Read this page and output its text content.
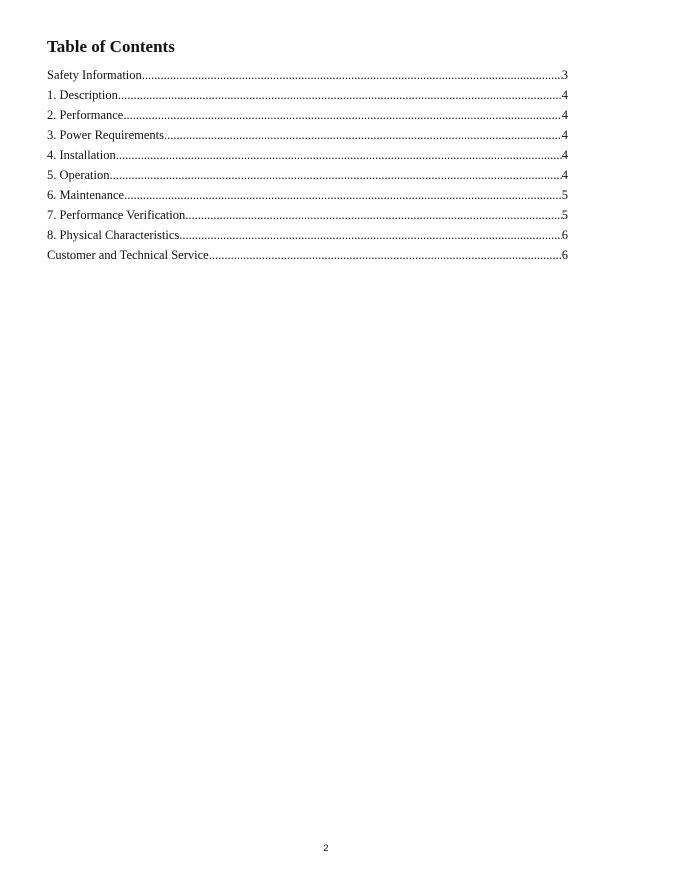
Table of Contents
Safety Information .....	3
1. Description .....	4
2. Performance .....	4
3. Power Requirements .....	4
4. Installation .....	4
5. Operation .....	4
6. Maintenance .....	5
7. Performance Verification .....	5
8. Physical Characteristics .....	6
Customer and Technical Service .....	6
2
